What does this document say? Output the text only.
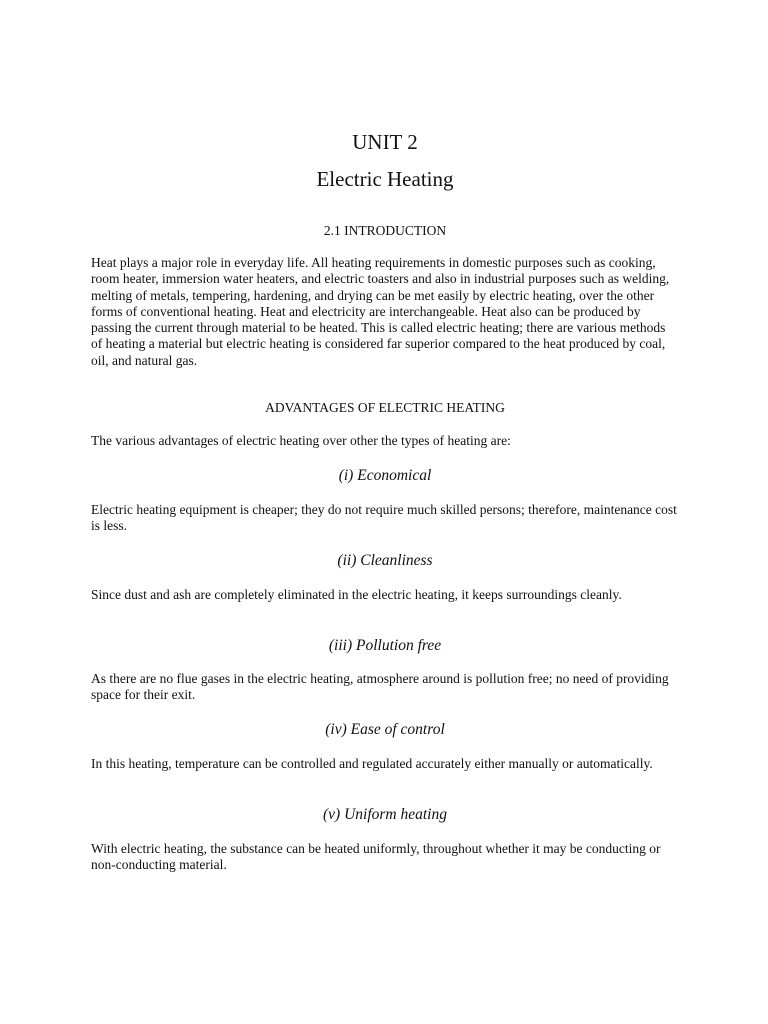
UNIT 2
Electric Heating
2.1 INTRODUCTION

Heat plays a major role in everyday life. All heating requirements in domestic purposes such as cooking, room heater, immersion water heaters, and electric toasters and also in industrial purposes such as welding, melting of metals, tempering, hardening, and drying can be met easily by electric heating, over the other forms of conventional heating. Heat and electricity are interchangeable. Heat also can be produced by passing the current through material to be heated. This is called electric heating; there are various methods of heating a material but electric heating is considered far superior compared to the heat produced by coal, oil, and natural gas.

ADVANTAGES OF ELECTRIC HEATING

The various advantages of electric heating over other the types of heating are:

(i) Economical

Electric heating equipment is cheaper; they do not require much skilled persons; therefore, maintenance cost is less.

(ii) Cleanliness

Since dust and ash are completely eliminated in the electric heating, it keeps surroundings cleanly.

(iii) Pollution free

As there are no flue gases in the electric heating, atmosphere around is pollution free; no need of providing space for their exit.

(iv) Ease of control

In this heating, temperature can be controlled and regulated accurately either manually or automatically.

(v) Uniform heating

With electric heating, the substance can be heated uniformly, throughout whether it may be conducting or non-conducting material.
